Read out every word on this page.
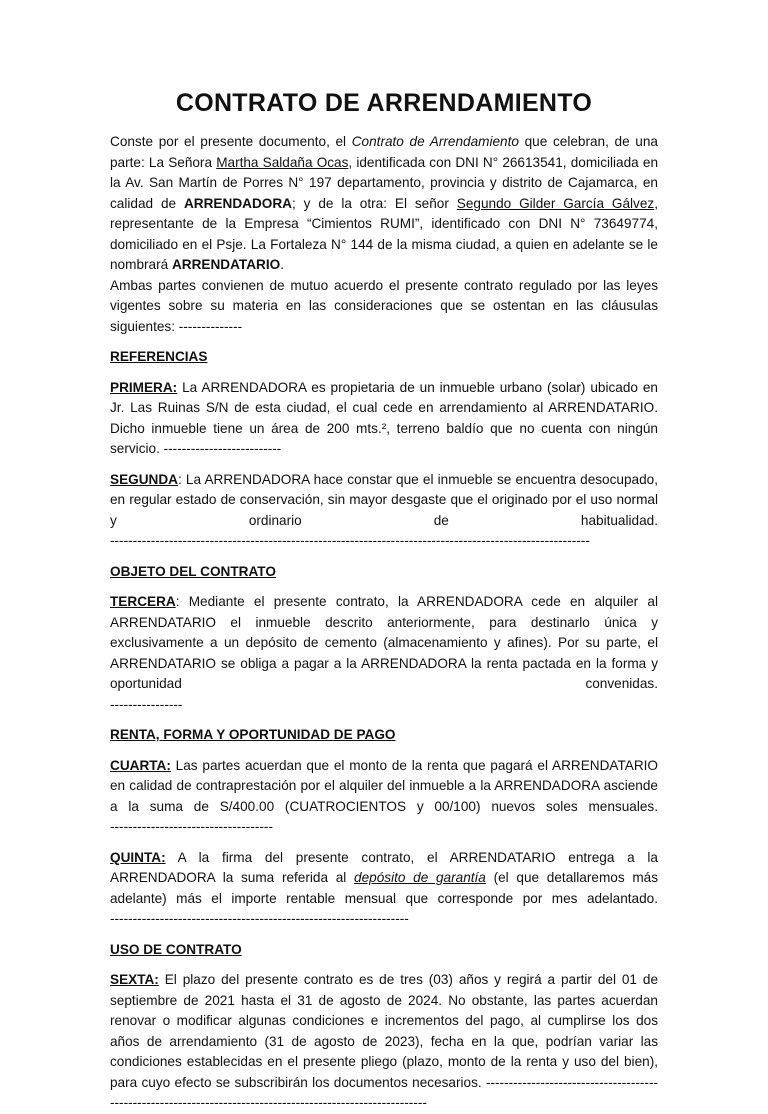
CONTRATO DE ARRENDAMIENTO

Conste por el presente documento, el Contrato de Arrendamiento que celebran, de una parte: La Señora Martha Saldaña Ocas, identificada con DNI N° 26613541, domiciliada en la Av. San Martín de Porres N° 197 departamento, provincia y distrito de Cajamarca, en calidad de ARRENDADORA; y de la otra: El señor Segundo Gilder García Gálvez, representante de la Empresa “Cimientos RUMI”, identificado con DNI N° 73649774, domiciliado en el Psje. La Fortaleza N° 144 de la misma ciudad, a quien en adelante se le nombrará ARRENDATARIO.

Ambas partes convienen de mutuo acuerdo el presente contrato regulado por las leyes vigentes sobre su materia en las consideraciones que se ostentan en las cláusulas siguientes: --------------

REFERENCIAS

PRIMERA: La ARRENDADORA es propietaria de un inmueble urbano (solar) ubicado en Jr. Las Ruinas S/N de esta ciudad, el cual cede en arrendamiento al ARRENDATARIO. Dicho inmueble tiene un área de 200 mts.², terreno baldío que no cuenta con ningún servicio. --------------------------

SEGUNDA: La ARRENDADORA hace constar que el inmueble se encuentra desocupado, en regular estado de conservación, sin mayor desgaste que el originado por el uso normal y ordinario de habitualidad.

----------------------------------------------------------------------------------------------------------

OBJETO DEL CONTRATO

TERCERA: Mediante el presente contrato, la ARRENDADORA cede en alquiler al ARRENDATARIO el inmueble descrito anteriormente, para destinarlo única y exclusivamente a un depósito de cemento (almacenamiento y afines). Por su parte, el ARRENDATARIO se obliga a pagar a la ARRENDADORA la renta pactada en la forma y oportunidad convenidas.

----------------

RENTA, FORMA Y OPORTUNIDAD DE PAGO

CUARTA: Las partes acuerdan que el monto de la renta que pagará el ARRENDATARIO en calidad de contraprestación por el alquiler del inmueble a la ARRENDADORA asciende a la suma de S/400.00 (CUATROCIENTOS y 00/100) nuevos soles mensuales.

------------------------------------

QUINTA: A la firma del presente contrato, el ARRENDATARIO entrega a la ARRENDADORA la suma referida al depósito de garantía (el que detallaremos más adelante) más el importe rentable mensual que corresponde por mes adelantado.

------------------------------------------------------------------

USO DE CONTRATO

SEXTA: El plazo del presente contrato es de tres (03) años y regirá a partir del 01 de septiembre de 2021 hasta el 31 de agosto de 2024. No obstante, las partes acuerdan renovar o modificar algunas condiciones e incrementos del pago, al cumplirse los dos años de arrendamiento (31 de agosto de 2023), fecha en la que, podrían variar las condiciones establecidas en el presente pliego (plazo, monto de la renta y uso del bien), para cuyo efecto se subscribirán los documentos necesarios. ------------------------------------------------------------------------------------------------------------
